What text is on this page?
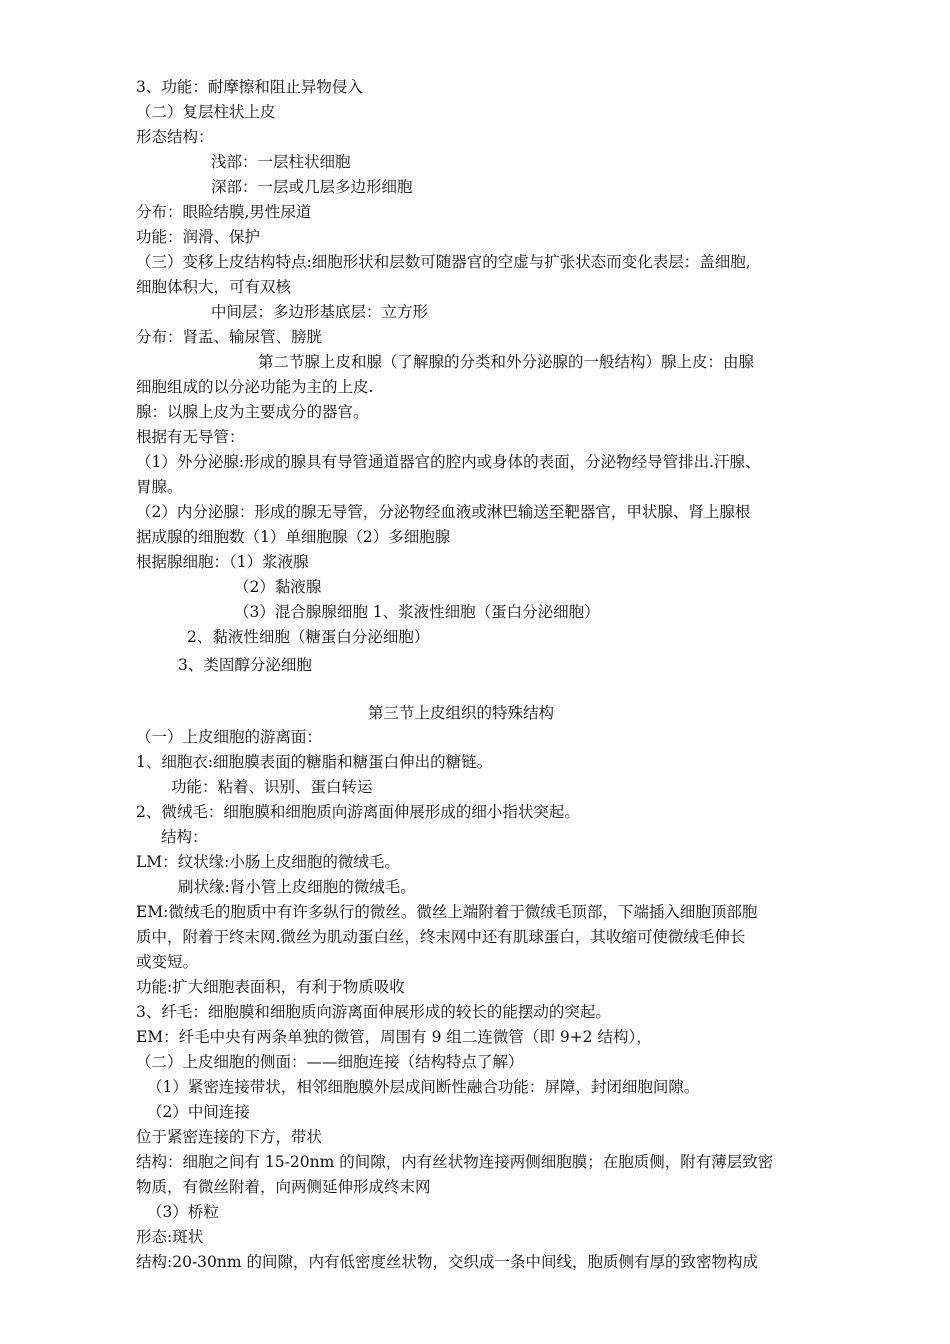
3、功能：耐摩擦和阻止异物侵入
（二）复层柱状上皮
形态结构：
浅部：一层柱状细胞
深部：一层或几层多边形细胞
分布：眼睑结膜,男性尿道
功能：润滑、保护
（三）变移上皮结构特点:细胞形状和层数可随器官的空虚与扩张状态而变化表层：盖细胞,
细胞体积大，可有双核
中间层：多边形基底层：立方形
分布：肾盂、输尿管、膀胱
第二节腺上皮和腺（了解腺的分类和外分泌腺的一般结构）腺上皮：由腺
细胞组成的以分泌功能为主的上皮.
腺：以腺上皮为主要成分的器官。
根据有无导管：
（1）外分泌腺:形成的腺具有导管通道器官的腔内或身体的表面，分泌物经导管排出.汗腺、
胃腺。
（2）内分泌腺：形成的腺无导管，分泌物经血液或淋巴输送至靶器官，甲状腺、肾上腺根
据成腺的细胞数（1）单细胞腺（2）多细胞腺
根据腺细胞：（1）浆液腺
（2）黏液腺
（3）混合腺腺细胞 1、浆液性细胞（蛋白分泌细胞）
2、黏液性细胞（糖蛋白分泌细胞）
3、类固醇分泌细胞
第三节上皮组织的特殊结构
（一）上皮细胞的游离面：
1、细胞衣:细胞膜表面的糖脂和糖蛋白伸出的糖链。
功能：粘着、识别、蛋白转运
2、微绒毛：细胞膜和细胞质向游离面伸展形成的细小指状突起。
结构：
LM：纹状缘:小肠上皮细胞的微绒毛。
刷状缘:肾小管上皮细胞的微绒毛。
EM:微绒毛的胞质中有许多纵行的微丝。微丝上端附着于微绒毛顶部，下端插入细胞顶部胞
质中，附着于终末网.微丝为肌动蛋白丝，终末网中还有肌球蛋白，其收缩可使微绒毛伸长
或变短。
功能:扩大细胞表面积，有利于物质吸收
3、纤毛：细胞膜和细胞质向游离面伸展形成的较长的能摆动的突起。
EM：纤毛中央有两条单独的微管，周围有 9 组二连微管（即 9+2 结构），
（二）上皮细胞的侧面：——细胞连接（结构特点了解）
（1）紧密连接带状，相邻细胞膜外层成间断性融合功能：屏障，封闭细胞间隙。
（2）中间连接
位于紧密连接的下方，带状
结构：细胞之间有 15-20nm 的间隙，内有丝状物连接两侧细胞膜；在胞质侧，附有薄层致密
物质，有微丝附着，向两侧延伸形成终末网
（3）桥粒
形态:斑状
结构:20-30nm 的间隙，内有低密度丝状物，交织成一条中间线，胞质侧有厚的致密物构成
